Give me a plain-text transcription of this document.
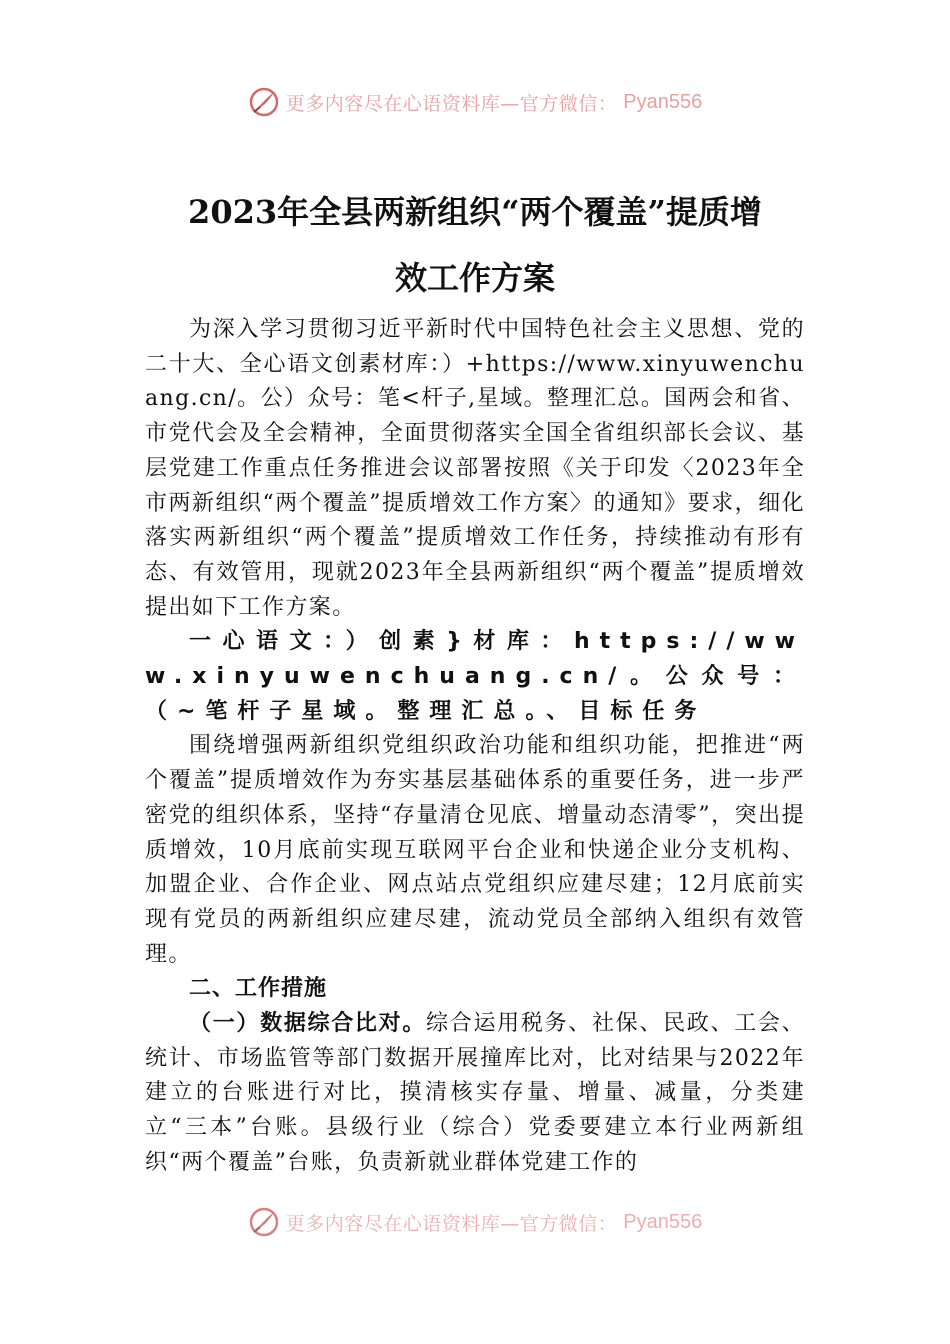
更多内容尽在心语资料库—官方微信： Pyan556
2023年全县两新组织“两个覆盖”提质增
效工作方案

为深入学习贯彻习近平新时代中国特色社会主义思想、党的二十大、全心语文创素材库：）+https://www.xinyuwenchuang.cn/。公）众号：笔<杆子,星域。整理汇总。国两会和省、市党代会及全会精神，全面贯彻落实全国全省组织部长会议、基层党建工作重点任务推进会议部署按照《关于印发〈2023年全市两新组织“两个覆盖”提质增效工作方案〉的通知》要求，细化落实两新组织“两个覆盖”提质增效工作任务，持续推动有形有态、有效管用，现就2023年全县两新组织“两个覆盖”提质增效提出如下工作方案。

一心语文：）创素}材库：https://www.xinyuwenchuang.cn/。公众号：（~笔杆子星域。整理汇总。、目标任务

围绕增强两新组织党组织政治功能和组织功能，把推进“两个覆盖”提质增效作为夯实基层基础体系的重要任务，进一步严密党的组织体系，坚持“存量清仓见底、增量动态清零”，突出提质增效，10月底前实现互联网平台企业和快递企业分支机构、加盟企业、合作企业、网点站点党组织应建尽建；12月底前实现有党员的两新组织应建尽建，流动党员全部纳入组织有效管理。

二、工作措施

（一）数据综合比对。综合运用税务、社保、民政、工会、统计、市场监管等部门数据开展撞库比对，比对结果与2022年建立的台账进行对比，摸清核实存量、增量、减量，分类建立“三本”台账。县级行业（综合）党委要建立本行业两新组织“两个覆盖”台账，负责新就业群体党建工作的

更多内容尽在心语资料库—官方微信： Pyan556
